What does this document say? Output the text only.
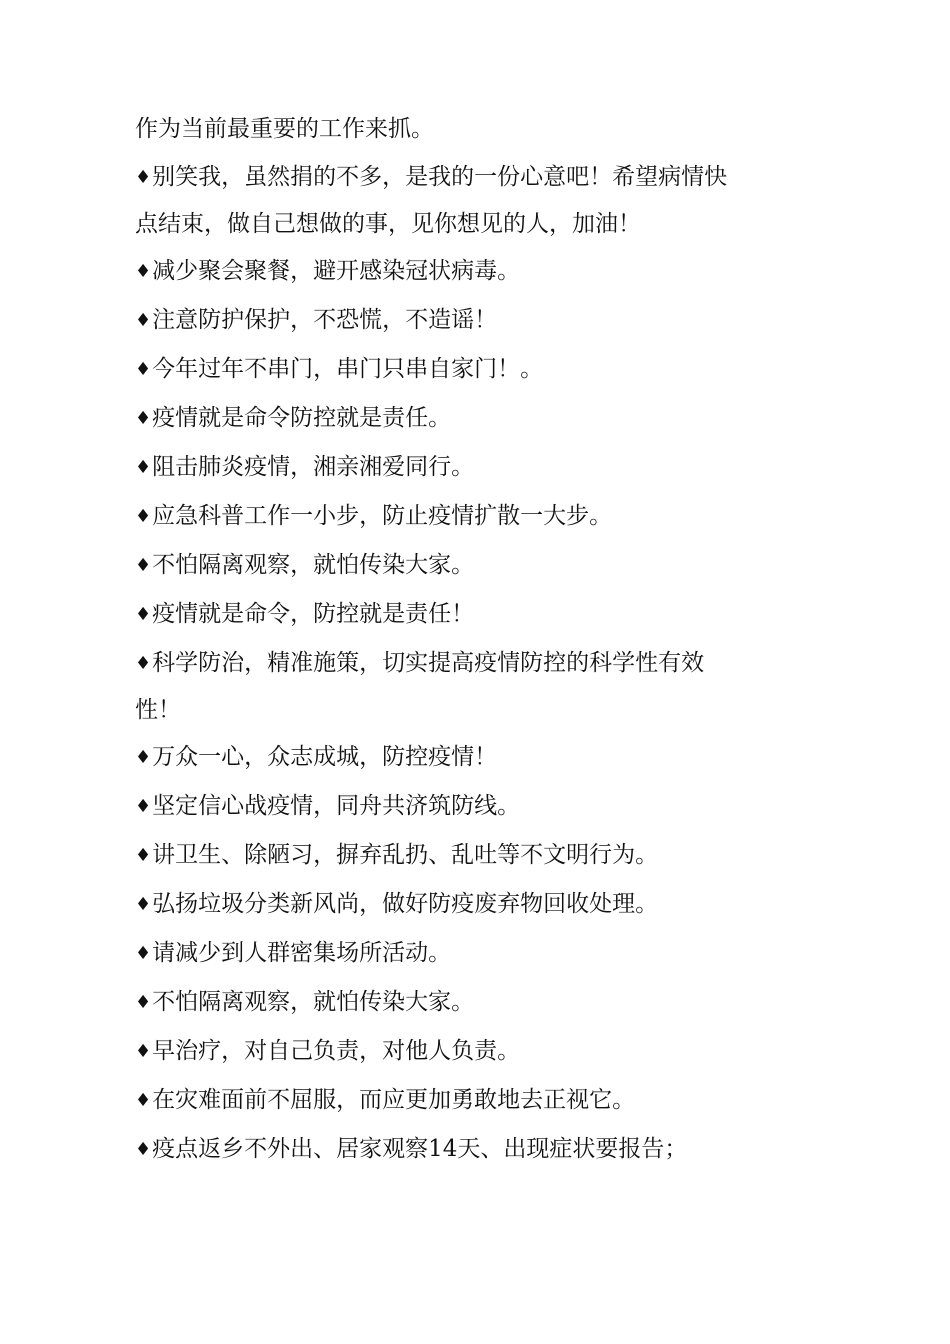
作为当前最重要的工作来抓。

♦别笑我，虽然捐的不多，是我的一份心意吧！希望病情快点结束，做自己想做的事，见你想见的人，加油！

♦减少聚会聚餐，避开感染冠状病毒。

♦注意防护保护，不恐慌，不造谣！

♦今年过年不串门，串门只串自家门！。

♦疫情就是命令防控就是责任。

♦阻击肺炎疫情，湘亲湘爱同行。

♦应急科普工作一小步，防止疫情扩散一大步。

♦不怕隔离观察，就怕传染大家。

♦疫情就是命令，防控就是责任！

♦科学防治，精准施策，切实提高疫情防控的科学性有效性！

♦万众一心，众志成城，防控疫情！

♦坚定信心战疫情，同舟共济筑防线。

♦讲卫生、除陋习，摒弃乱扔、乱吐等不文明行为。

♦弘扬垃圾分类新风尚，做好防疫废弃物回收处理。

♦请减少到人群密集场所活动。

♦不怕隔离观察，就怕传染大家。

♦早治疗，对自己负责，对他人负责。

♦在灾难面前不屈服，而应更加勇敢地去正视它。

♦疫点返乡不外出、居家观察14天、出现症状要报告；
